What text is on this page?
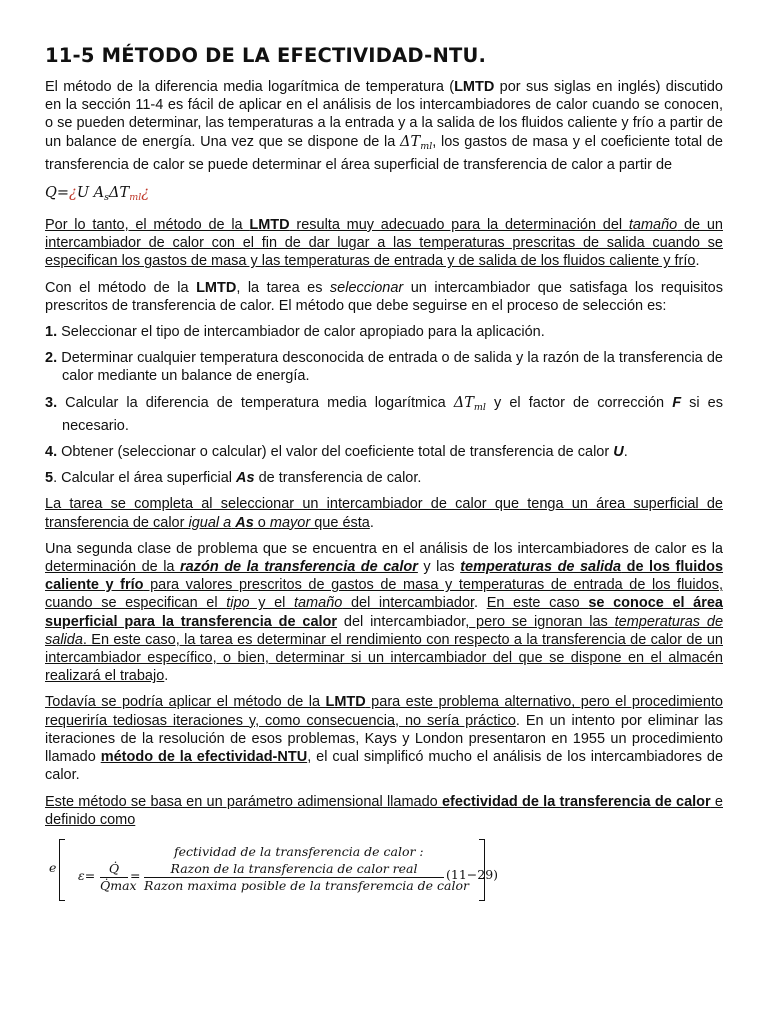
11-5 MÉTODO DE LA EFECTIVIDAD-NTU.

El método de la diferencia media logarítmica de temperatura (LMTD por sus siglas en inglés) discutido en la sección 11-4 es fácil de aplicar en el análisis de los intercambiadores de calor cuando se conocen, o se pueden determinar, las temperaturas a la entrada y a la salida de los fluidos caliente y frío a partir de un balance de energía. Una vez que se dispone de la $\Delta T_{ml}$, los gastos de masa y el coeficiente total de transferencia de calor se puede determinar el área superficial de transferencia de calor a partir de

Q=¿U $A_s\Delta T_{ml}¿$

Por lo tanto, el método de la LMTD resulta muy adecuado para la determinación del tamaño de un intercambiador de calor con el fin de dar lugar a las temperaturas prescritas de salida cuando se especifican los gastos de masa y las temperaturas de entrada y de salida de los fluidos caliente y frío.

Con el método de la LMTD, la tarea es seleccionar un intercambiador que satisfaga los requisitos prescritos de transferencia de calor. El método que debe seguirse en el proceso de selección es:

1. Seleccionar el tipo de intercambiador de calor apropiado para la aplicación.

2. Determinar cualquier temperatura desconocida de entrada o de salida y la razón de la transferencia de calor mediante un balance de energía.

3. Calcular la diferencia de temperatura media logarítmica $\Delta T_{ml}$ y el factor de corrección F si es necesario.

4. Obtener (seleccionar o calcular) el valor del coeficiente total de transferencia de calor U.

5. Calcular el área superficial As de transferencia de calor.

La tarea se completa al seleccionar un intercambiador de calor que tenga un área superficial de transferencia de calor igual a As o mayor que ésta.

Una segunda clase de problema que se encuentra en el análisis de los intercambiadores de calor es la determinación de la razón de la transferencia de calor y las temperaturas de salida de los fluidos caliente y frío para valores prescritos de gastos de masa y temperaturas de entrada de los fluidos, cuando se especifican el tipo y el tamaño del intercambiador. En este caso se conoce el área superficial para la transferencia de calor del intercambiador, pero se ignoran las temperaturas de salida. En este caso, la tarea es determinar el rendimiento con respecto a la transferencia de calor de un intercambiador específico, o bien, determinar si un intercambiador del que se dispone en el almacén realizará el trabajo.

Todavía se podría aplicar el método de la LMTD para este problema alternativo, pero el procedimiento requeriría tediosas iteraciones y, como consecuencia, no sería práctico. En un intento por eliminar las iteraciones de la resolución de esos problemas, Kays y London presentaron en 1955 un procedimiento llamado método de la efectividad-NTU, el cual simplificó mucho el análisis de los intercambiadores de calor.

Este método se basa en un parámetro adimensional llamado efectividad de la transferencia de calor e definido como

e
fectividad de la transferencia de calor :
ε=	Q̇
Q̇max
=	Razon de la transferencia de calor real
Razon maxima posible de la transferemcia de calor
(11−29)
